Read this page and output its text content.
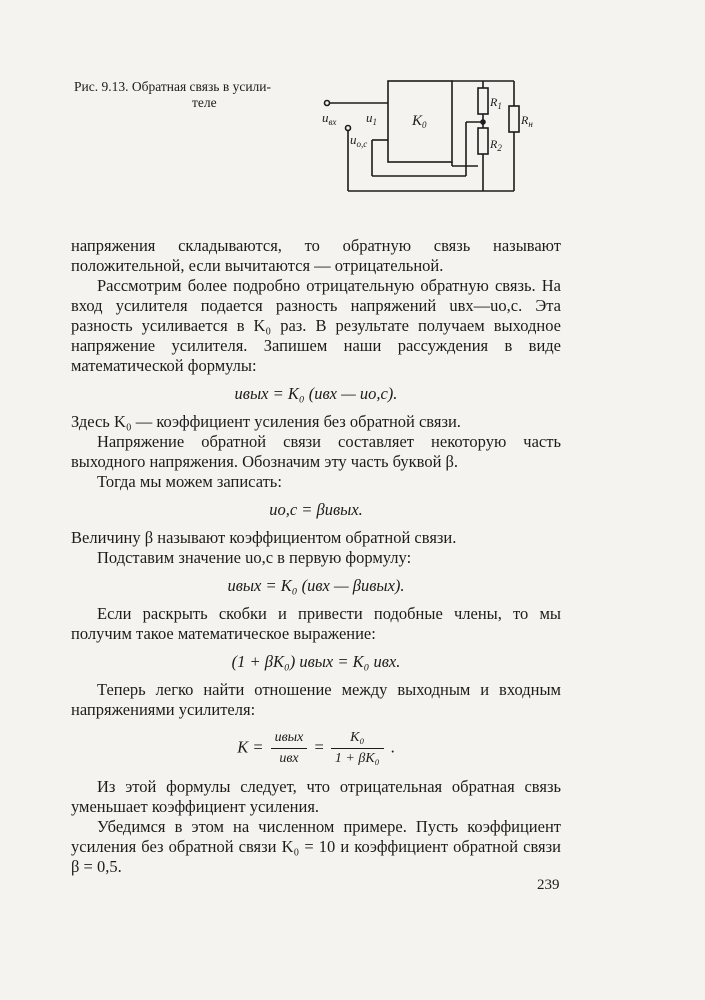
Рис. 9.13. Обратная связь в усили-
теле
$u_{вх}$ $u_1$
$u_{o,c}$
$K_0$
$R_1$
$R_2$
$R_н$

напряжения складываются, то обратную связь называют положительной, если вычитаются — отрицательной.

Рассмотрим более подробно отрицательную обратную связь. На вход усилителя подается разность напряжений uвх—uо,с. Эта разность усиливается в K₀ раз. В результате получаем выходное напряжение усилителя. Запишем наши рассуждения в виде математической формулы:

uвых = K₀ (uвх — uо,с).

Здесь K₀ — коэффициент усиления без обратной связи.

Напряжение обратной связи составляет некоторую часть выходного напряжения. Обозначим эту часть буквой β.

Тогда мы можем записать:

uо,с = βuвых.

Величину β называют коэффициентом обратной связи.

Подставим значение uо,с в первую формулу:

uвых = K₀ (uвх — βuвых).

Если раскрыть скобки и привести подобные члены, то мы получим такое математическое выражение:

(1 + βK₀) uвых = K₀ uвх.

Теперь легко найти отношение между выходным и входным напряжениями усилителя:

$K = \frac{\text{uвых}}{\text{uвх}} = \frac{\text{K₀}}{\text{1 + βK₀}}$ .

Из этой формулы следует, что отрицательная обратная связь уменьшает коэффициент усиления.

Убедимся в этом на численном примере. Пусть коэффициент усиления без обратной связи K₀ = 10 и коэффициент обратной связи β = 0,5.

239
